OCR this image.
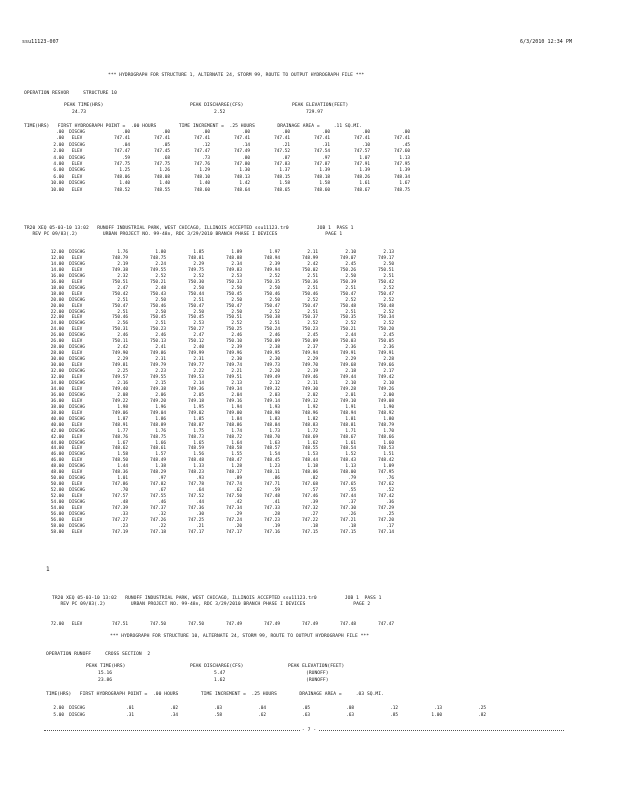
ssu11123-007	6/3/2010 12:34 PM
*** HYDROGRAPH FOR STRUCTURE 1, ALTERNATE 24, STORM 99, ROUTE TO OUTPUT HYDROGRAPH FILE ***
OPERATION RESVOR     STRUCTURE 10
PEAK TIME(HRS)	PEAK DISCHARGE(CFS)	PEAK ELEVATION(FEET)
24.73	2.52	729.97
TIME(HRS)   FIRST HYDROGRAPH POINT =  .00 HOURS        TIME INCREMENT =  .25 HOURS        DRAINAGE AREA =     .11 SQ.MI.
.00	DISCHG	.00	.00	.00	.00	.00	.00	.00	.00
.00	ELEV	747.41	747.41	747.41	747.41	747.41	747.41	747.41	747.41
2.00	DISCHG	.04	.05	.12	.14	.21	.31	.10	.45
2.00	ELEV	747.47	747.45	747.47	747.49	747.52	747.54	747.57	747.60
4.00	DISCHG	.59	.68	.73	.80	.87	.97	1.07	1.13
4.00	ELEV	747.75	747.75	747.76	747.80	747.83	747.87	747.91	747.95
6.00	DISCHG	1.25	1.26	1.29	1.30	1.37	1.39	1.39	1.39
6.00	ELEV	748.06	748.08	748.10	748.13	748.15	748.18	748.26	748.34
10.00	DISCHG	1.40	1.40	1.40	1.42	1.58	1.58	1.61	1.67
10.00	ELEV	748.52	748.55	748.60	748.64	748.65	748.60	748.67	748.75
TR20 XEQ 05-03-10 13:02   RUNOFF INDUSTRIAL PARK, WEST CHICAGO, ILLINOIS ACCEPTED ssu11123.tr0          JOB 1  PASS 1
REV PC 09/83(.2)         URBAN PROJECT NO. 99-48n, RDC 3/29/2010 BRANCH PHASE I DEVICES                 PAGE 1
12.00	DISCHG	1.76	1.80	1.85	1.89	1.97	2.11	2.10	2.13
12.00	ELEV	748.79	748.75	748.81	748.88	748.94	748.99	749.07	749.17
14.00	DISCHG	2.19	2.24	2.29	2.34	2.39	2.42	2.45	2.50
14.00	ELEV	749.38	749.55	749.75	749.83	749.94	750.02	750.26	750.51
16.00	DISCHG	2.32	2.52	2.52	2.53	2.52	2.51	2.50	2.51
16.00	ELEV	750.51	750.21	750.30	750.33	750.35	750.36	750.39	750.42
18.00	DISCHG	2.47	2.48	2.50	2.50	2.50	2.51	2.51	2.52
18.00	ELEV	750.42	750.43	750.44	750.45	750.46	750.46	750.47	750.47
20.00	DISCHG	2.51	2.50	2.51	2.50	2.50	2.52	2.52	2.52
20.00	ELEV	750.47	750.46	750.47	750.47	750.47	750.47	750.48	750.48
22.00	DISCHG	2.51	2.50	2.50	2.50	2.52	2.51	2.51	2.52
22.00	ELEV	750.46	750.45	750.45	750.51	750.38	750.37	750.35	750.34
24.00	DISCHG	2.56	2.51	2.53	2.52	2.51	2.52	2.52	2.52
24.00	ELEV	750.31	750.23	750.27	750.25	750.24	750.23	750.21	750.20
26.00	DISCHG	2.46	2.46	2.47	2.46	2.46	2.45	2.44	2.45
26.00	ELEV	750.11	750.13	750.12	750.10	750.09	750.09	750.03	750.05
28.00	DISCHG	2.42	2.41	2.40	2.39	2.38	2.37	2.36	2.36
28.00	ELEV	749.90	749.86	749.99	749.96	749.95	749.94	749.91	749.91
30.00	DISCHG	2.29	2.31	2.31	2.30	2.30	2.29	2.29	2.28
30.00	ELEV	749.81	749.79	749.77	749.74	749.73	749.70	749.68	749.66
32.00	DISCHG	2.25	2.23	2.22	2.21	2.20	2.19	2.18	2.17
32.00	ELEV	749.57	749.55	749.53	749.51	749.49	749.46	749.44	749.42
34.00	DISCHG	2.16	2.15	2.14	2.13	2.12	2.11	2.10	2.10
34.00	ELEV	749.40	749.38	749.36	749.34	749.32	749.30	749.28	749.26
36.00	DISCHG	2.08	2.06	2.05	2.04	2.03	2.02	2.01	2.00
36.00	ELEV	749.22	749.20	749.18	749.16	749.14	749.12	749.10	749.08
38.00	DISCHG	1.98	1.96	1.95	1.94	1.93	1.92	1.91	1.90
38.00	ELEV	749.06	749.04	749.02	749.00	748.98	748.96	748.94	748.92
40.00	DISCHG	1.87	1.86	1.85	1.84	1.83	1.82	1.81	1.80
40.00	ELEV	748.91	748.89	748.87	748.86	748.84	748.83	748.81	748.79
42.00	DISCHG	1.77	1.76	1.75	1.74	1.73	1.72	1.71	1.70
42.00	ELEV	748.76	748.75	748.73	748.72	748.70	748.69	748.67	748.66
44.00	DISCHG	1.67	1.66	1.65	1.64	1.63	1.62	1.61	1.60
44.00	ELEV	748.62	748.61	748.59	748.58	748.57	748.55	748.54	748.53
46.00	DISCHG	1.58	1.57	1.56	1.55	1.54	1.53	1.52	1.51
46.00	ELEV	748.50	748.49	748.48	748.47	748.45	748.44	748.43	748.42
48.00	DISCHG	1.44	1.38	1.33	1.28	1.23	1.18	1.13	1.09
48.00	ELEV	748.36	748.29	748.23	748.17	748.11	748.06	748.00	747.95
50.00	DISCHG	1.01	.97	.93	.89	.86	.82	.79	.76
50.00	ELEV	747.86	747.82	747.78	747.74	747.71	747.68	747.65	747.62
52.00	DISCHG	.70	.67	.64	.62	.59	.57	.55	.52
52.00	ELEV	747.57	747.55	747.52	747.50	747.48	747.46	747.44	747.42
54.00	DISCHG	.48	.46	.44	.42	.41	.39	.37	.36
54.00	ELEV	747.39	747.37	747.36	747.34	747.33	747.32	747.30	747.29
56.00	DISCHG	.33	.32	.30	.29	.28	.27	.26	.25
56.00	ELEV	747.27	747.26	747.25	747.24	747.23	747.22	747.21	747.20
58.00	DISCHG	.23	.22	.21	.20	.19	.18	.18	.17
58.00	ELEV	747.19	747.18	747.17	747.17	747.16	747.15	747.15	747.14
1
TR20 XEQ 05-03-10 13:02   RUNOFF INDUSTRIAL PARK, WEST CHICAGO, ILLINOIS ACCEPTED ssu11123.tr0          JOB 1  PASS 1
REV PC 09/83(.2)         URBAN PROJECT NO. 99-48n, RDC 3/29/2010 BRANCH PHASE I DEVICES                 PAGE 2
72.00	ELEV	747.51	747.50	747.50	747.49	747.49	747.49	747.48	747.47
*** HYDROGRAPH FOR STRUCTURE 10, ALTERNATE 24, STORM 99, ROUTE TO OUTPUT HYDROGRAPH FILE ***
OPERATION RUNOFF     CROSS SECTION  2
PEAK TIME(HRS)	PEAK DISCHARGE(CFS)	PEAK ELEVATION(FEET)
15.16	5.47	(RUNOFF)
23.86	1.62	(RUNOFF)
TIME(HRS)   FIRST HYDROGRAPH POINT =  .00 HOURS        TIME INCREMENT =  .25 HOURS        DRAINAGE AREA =     .03 SQ.MI.
2.00	DISCHG	.01	.02	.03	.04	.05	.08	.12	.13	.25
5.00	DISCHG	.31	.34	.58	.62	.63	.63	.85	1.00	.82
- 7 -
